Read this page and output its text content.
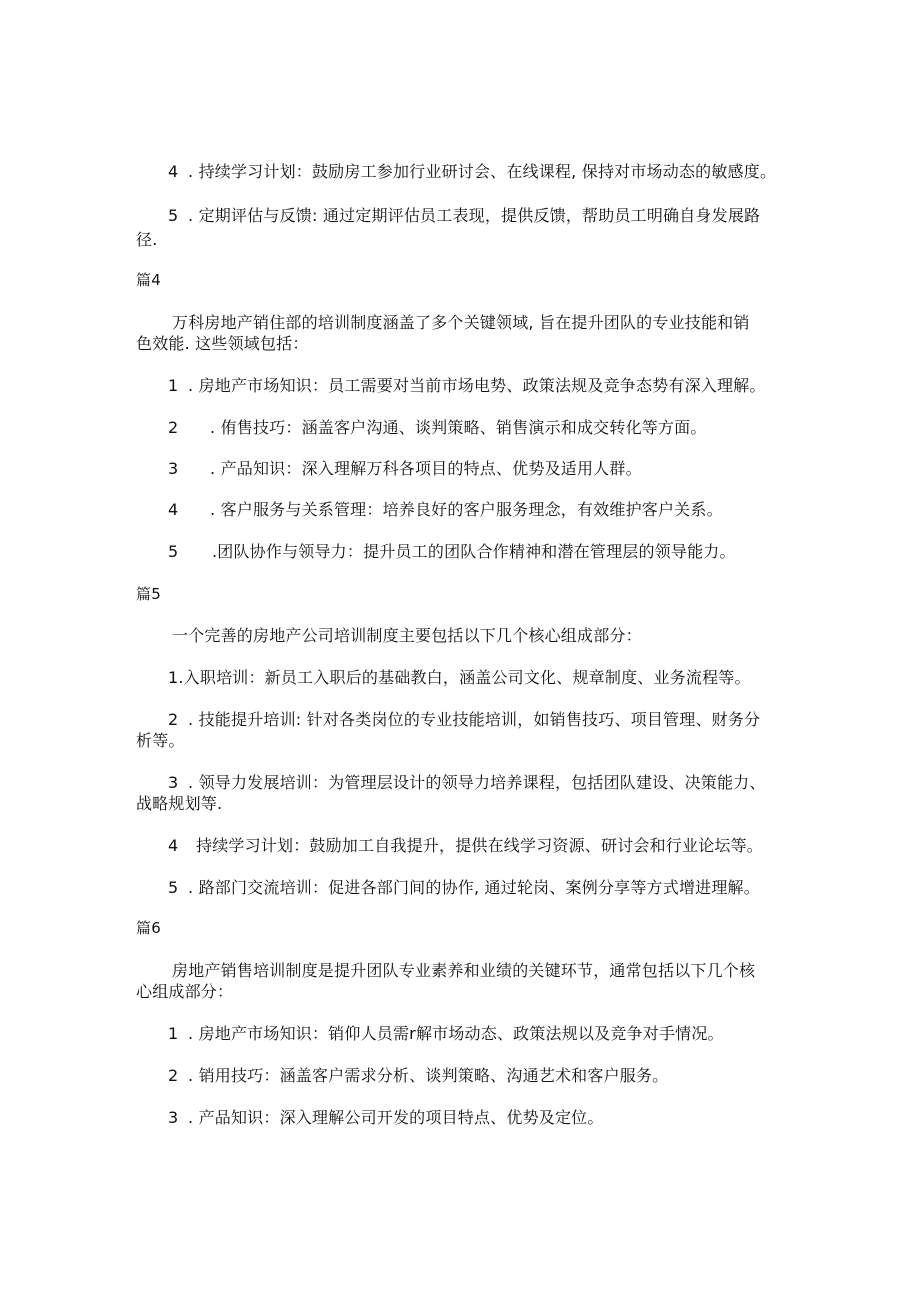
4 . 持续学习计划：鼓励房工参加行业研讨会、在线课程, 保持对市场动态的敏感度。

5 . 定期评估与反馈: 通过定期评估员工表现，提供反馈，帮助员工明确自身发展路

径.

篇4

万科房地产销住部的培训制度涵盖了多个关键领域, 旨在提升团队的专业技能和销

色效能. 这些领域包括：

1 . 房地产市场知识：员工需要对当前市场电势、政策法规及竞争态势有深入理解。

2 . 侑售技巧：涵盖客户沟通、谈判策略、销售演示和成交转化等方面。

3 . 产品知识：深入理解万科各项目的特点、优势及适用人群。

4 . 客户服务与关系管理：培养良好的客户服务理念，有效维护客户关系。

5 .团队协作与领导力：提升员工的团队合作精神和潜在管理层的领导能力。

篇5

一个完善的房地产公司培训制度主要包括以下几个核心组成部分：

1.入职培训：新员工入职后的基础教白，涵盖公司文化、规章制度、业务流程等。

2 . 技能提升培训: 针对各类岗位的专业技能培训，如销售技巧、项目管理、财务分

析等。

3 . 领导力发展培训：为管理层设计的领导力培养课程，包括团队建设、决策能力、

战略规划等.

4 持续学习计划：鼓励加工自我提升，提供在线学习资源、研讨会和行业论坛等。

5 . 路部门交流培训：促进各部门间的协作, 通过轮岗、案例分享等方式增进理解。

篇6

房地产销售培训制度是提升团队专业素养和业绩的关键环节，通常包括以下几个核

心组成部分：

1 . 房地产市场知识：销仰人员需r解市场动态、政策法规以及竞争对手情况。

2 . 销用技巧：涵盖客户需求分析、谈判策略、沟通艺术和客户服务。

3 . 产品知识：深入理解公司开发的项目特点、优势及定位。
